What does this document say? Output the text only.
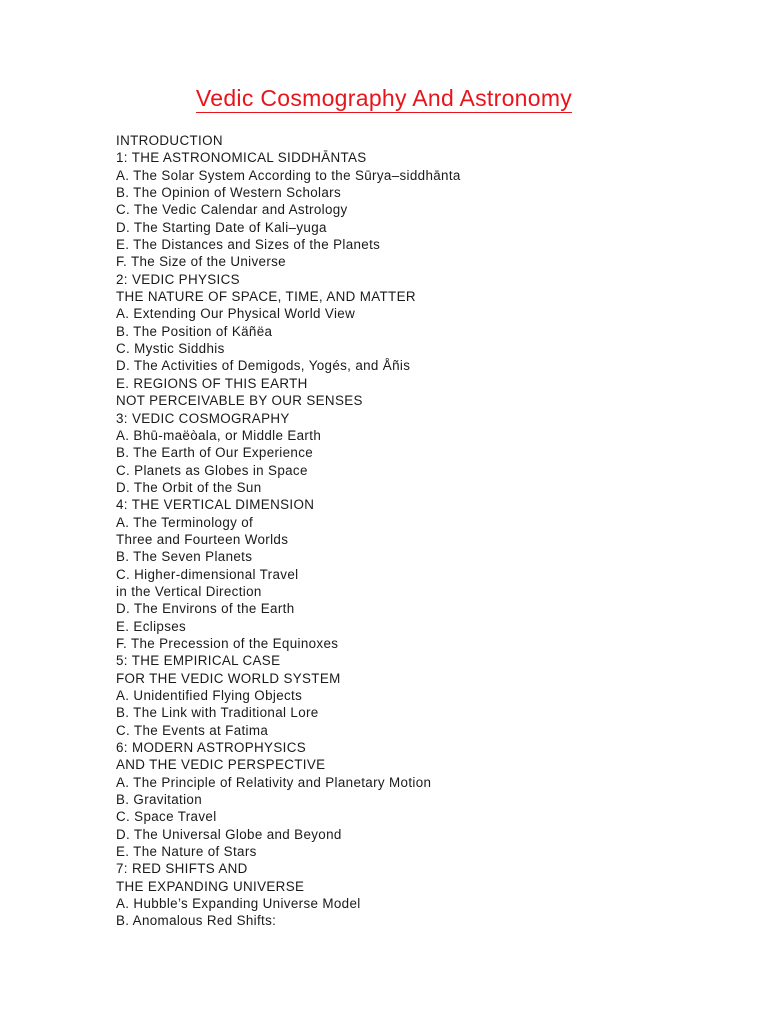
Vedic Cosmography And Astronomy
INTRODUCTION
1: THE ASTRONOMICAL SIDDHĀNTAS
A. The Solar System According to the Sūrya–siddhānta
B. The Opinion of Western Scholars
C. The Vedic Calendar and Astrology
D. The Starting Date of Kali–yuga
E. The Distances and Sizes of the Planets
F. The Size of the Universe
2: VEDIC PHYSICS
THE NATURE OF SPACE, TIME, AND MATTER
A. Extending Our Physical World View
B. The Position of Käñëa
C. Mystic Siddhis
D. The Activities of Demigods, Yogés, and Åñis
E. REGIONS OF THIS EARTH
NOT PERCEIVABLE BY OUR SENSES
3: VEDIC COSMOGRAPHY
A. Bhū-maëòala, or Middle Earth
B. The Earth of Our Experience
C. Planets as Globes in Space
D. The Orbit of the Sun
4: THE VERTICAL DIMENSION
A. The Terminology of
Three and Fourteen Worlds
B. The Seven Planets
C. Higher-dimensional Travel
in the Vertical Direction
D. The Environs of the Earth
E. Eclipses
F. The Precession of the Equinoxes
5: THE EMPIRICAL CASE
FOR THE VEDIC WORLD SYSTEM
A. Unidentified Flying Objects
B. The Link with Traditional Lore
C. The Events at Fatima
6: MODERN ASTROPHYSICS
AND THE VEDIC PERSPECTIVE
A. The Principle of Relativity and Planetary Motion
B. Gravitation
C. Space Travel
D. The Universal Globe and Beyond
E. The Nature of Stars
7: RED SHIFTS AND
THE EXPANDING UNIVERSE
A. Hubble’s Expanding Universe Model
B. Anomalous Red Shifts:
